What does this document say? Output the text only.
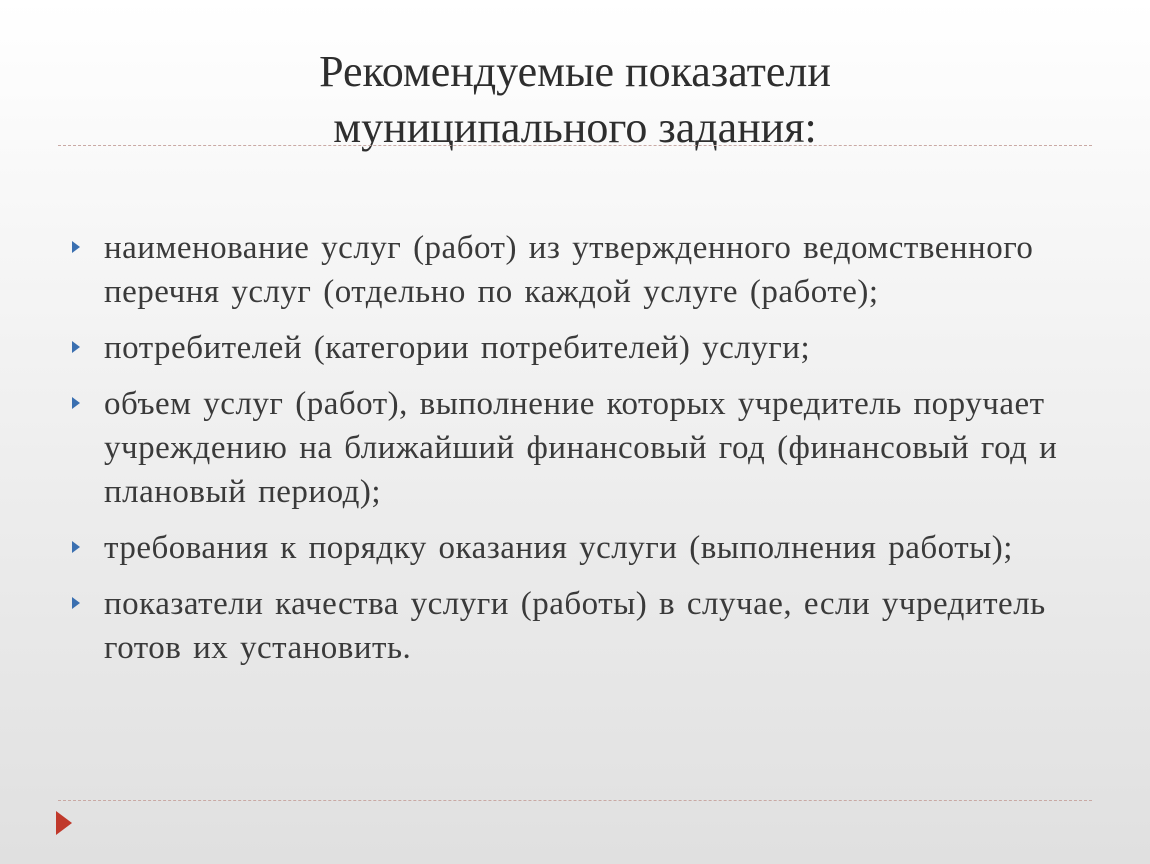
Рекомендуемые показатели
муниципального задания:
наименование услуг (работ) из утвержденного ведомственного перечня услуг (отдельно по каждой услуге (работе);
потребителей (категории потребителей) услуги;
объем услуг (работ), выполнение которых учредитель поручает учреждению на ближайший финансовый год (финансовый год и плановый период);
требования к порядку оказания услуги (выполнения работы);
показатели качества услуги (работы) в случае, если учредитель готов их установить.
